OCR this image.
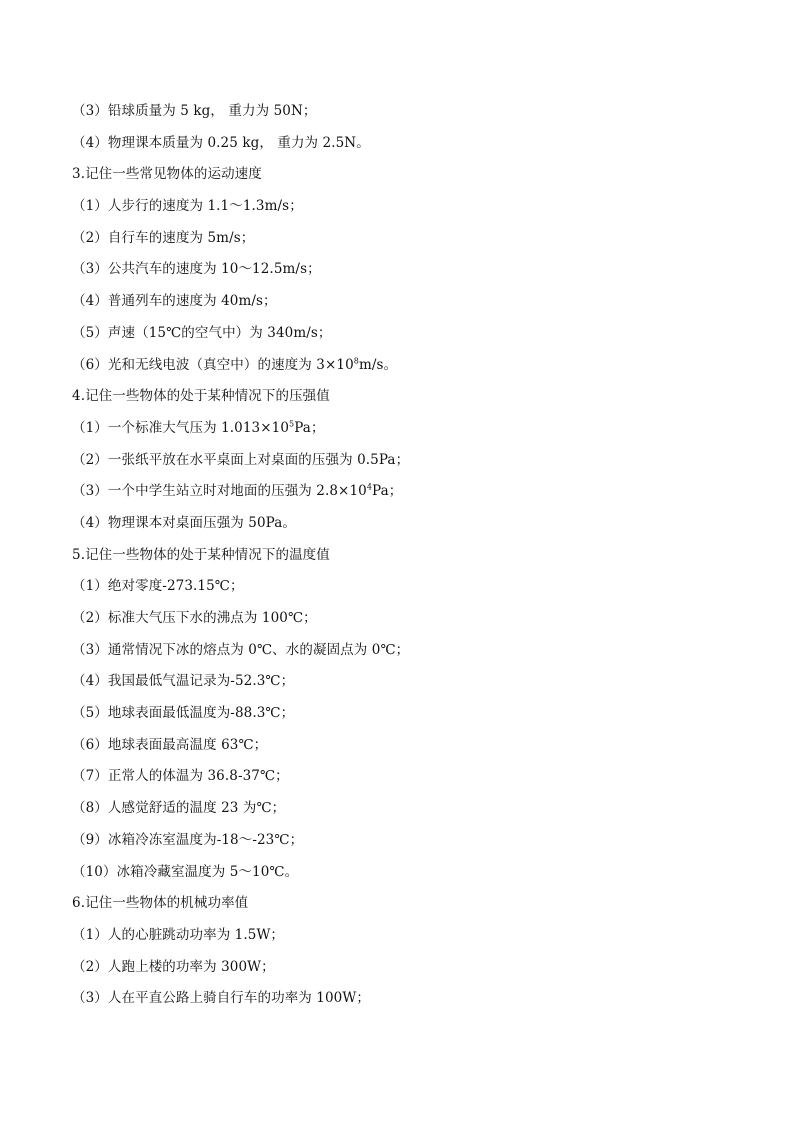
（3）铅球质量为 5 kg， 重力为 50N；
（4）物理课本质量为 0.25 kg， 重力为 2.5N。
3.记住一些常见物体的运动速度
（1）人步行的速度为 1.1～1.3m/s；
（2）自行车的速度为 5m/s；
（3）公共汽车的速度为 10～12.5m/s；
（4）普通列车的速度为 40m/s；
（5）声速（15℃的空气中）为 340m/s；
（6）光和无线电波（真空中）的速度为 $3\times 10^8m/s$。
4.记住一些物体的处于某种情况下的压强值
（1）一个标准大气压为 $1.013\times 10^5Pa$；
（2）一张纸平放在水平桌面上对桌面的压强为 0.5Pa；
（3）一个中学生站立时对地面的压强为 $2.8\times 10^4Pa$；
（4）物理课本对桌面压强为 50Pa。
5.记住一些物体的处于某种情况下的温度值
（1）绝对零度-273.15℃；
（2）标准大气压下水的沸点为 100℃；
（3）通常情况下冰的熔点为 0℃、水的凝固点为 0℃；
（4）我国最低气温记录为-52.3℃；
（5）地球表面最低温度为-88.3℃；
（6）地球表面最高温度 63℃；
（7）正常人的体温为 36.8-37℃；
（8）人感觉舒适的温度 23 为℃；
（9）冰箱冷冻室温度为-18～-23℃；
（10）冰箱冷藏室温度为 5～10℃。
6.记住一些物体的机械功率值
（1）人的心脏跳动功率为 1.5W；
（2）人跑上楼的功率为 300W；
（3）人在平直公路上骑自行车的功率为 100W；
